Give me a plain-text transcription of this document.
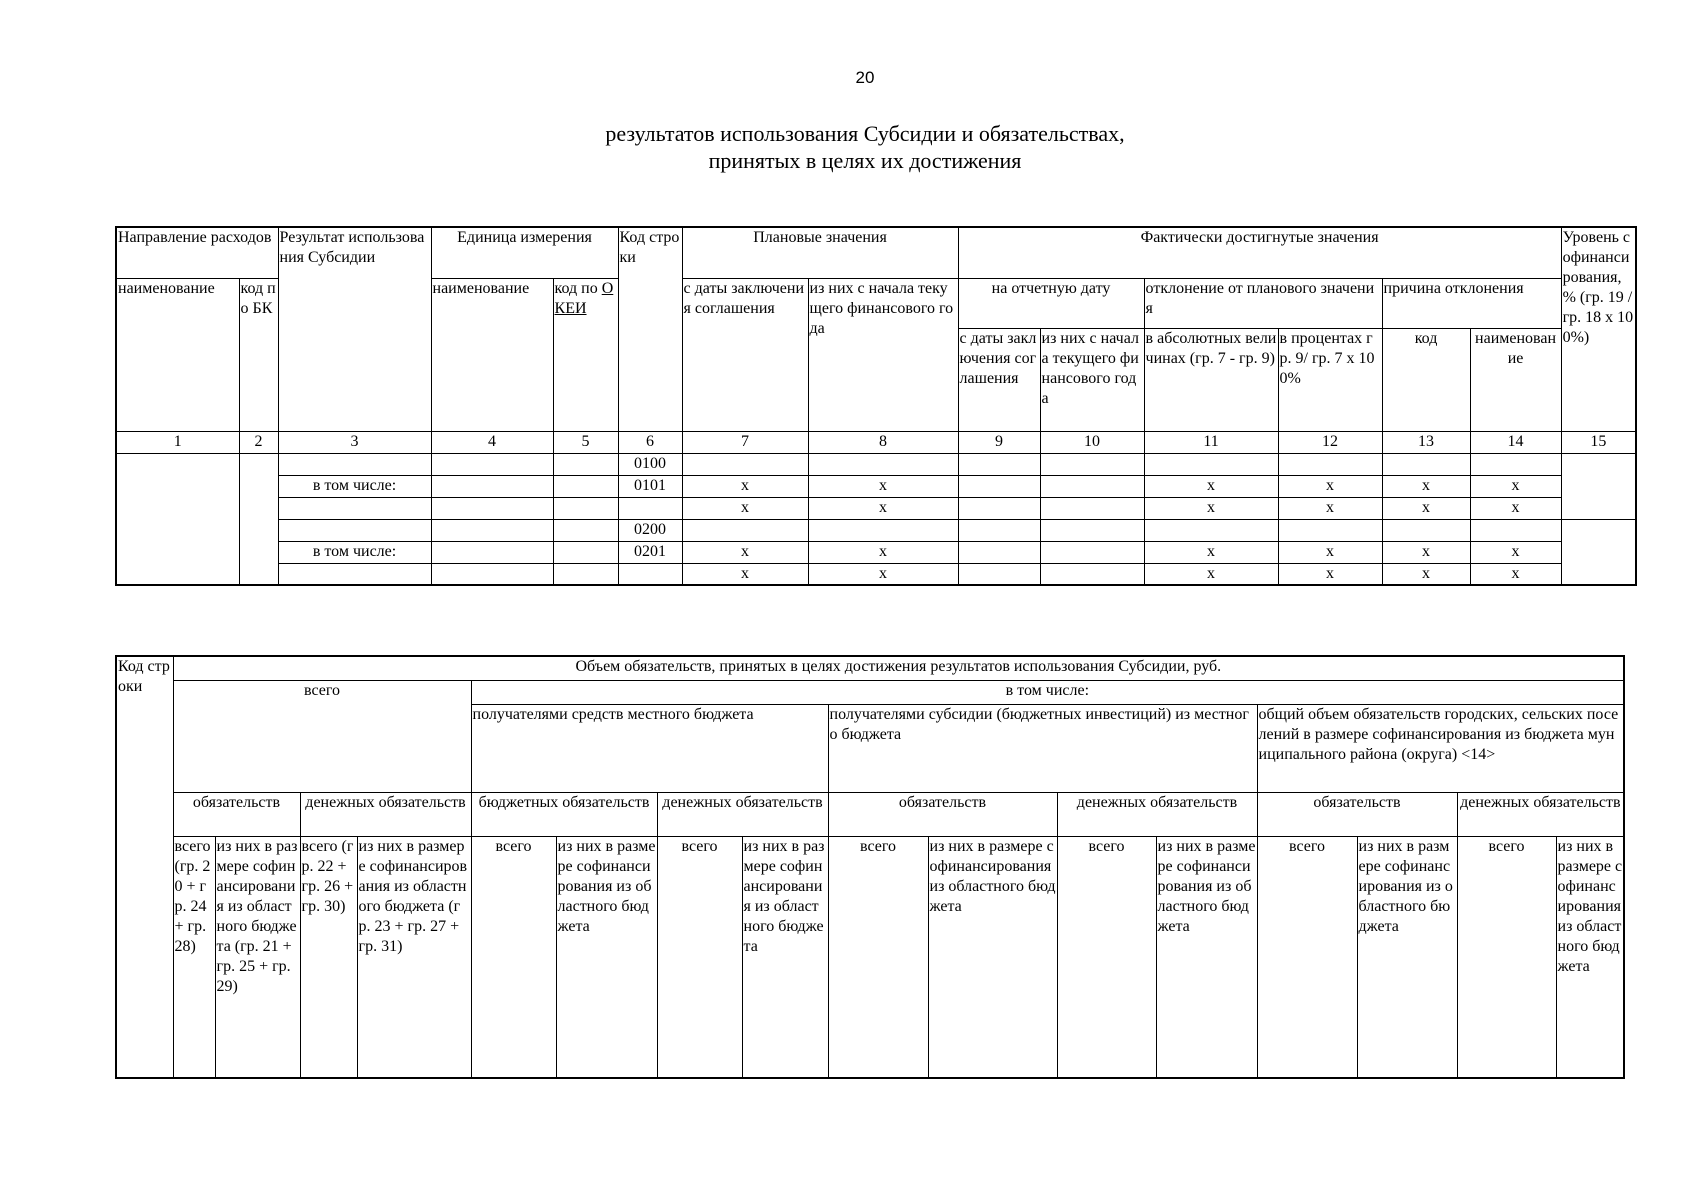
20
результатов использования Субсидии и обязательствах,
принятых в целях их достижения
Направление расходов		Результат использования Субсидии	Единица измерения		Код строки	Плановые значения		Фактически достигнутые значения						Уровень софинансирования, % (гр. 19 / гр. 18 x 100%)
наименование	код по БК		наименование	код по ОКЕИ		с даты заключения соглашения	из них с начала текущего финансового года	на отчетную дату		отклонение от планового значения		причина отклонения		
								с даты заключения соглашения	из них с начала текущего финансового года	в абсолютных величинах (гр. 7 - гр. 9)	в процентах гр. 9/ гр. 7 x 100%	код	наименование	
1	2	3	4	5	6	7	8	9	10	11	12	13	14	15
					0100									
		в том числе:			0101	x	x			x	x	x	x	
						x	x			x	x	x	x	
					0200									
		в том числе:			0201	x	x			x	x	x	x	
						x	x			x	x	x	x	
Код строки	Объем обязательств, принятых в целях достижения результатов использования Субсидии, руб.															
	всего				в том числе:											
					получателями средств местного бюджета				получателями субсидии (бюджетных инвестиций) из местного бюджета				общий объем обязательств городских, сельских поселений в размере софинансирования из бюджета муниципального района (округа) <14>			
	обязательств		денежных обязательств		бюджетных обязательств		денежных обязательств		обязательств		денежных обязательств		обязательств		денежных обязательств	
	всего (гр. 20 + гр. 24 + гр. 28)	из них в размере софинансирования из областного бюджета (гр. 21 + гр. 25 + гр. 29)	всего (гр. 22 + гр. 26 + гр. 30)	из них в размере софинансирования из областного бюджета (гр. 23 + гр. 27 + гр. 31)	всего	из них в размере софинансирования из областного бюджета	всего	из них в размере софинансирования из областного бюджета	всего	из них в размере софинансирования из областного бюджета	всего	из них в размере софинансирования из областного бюджета	всего	из них в размере софинансирования из областного бюджета	всего	из них в размере софинансирования из областного бюджета
